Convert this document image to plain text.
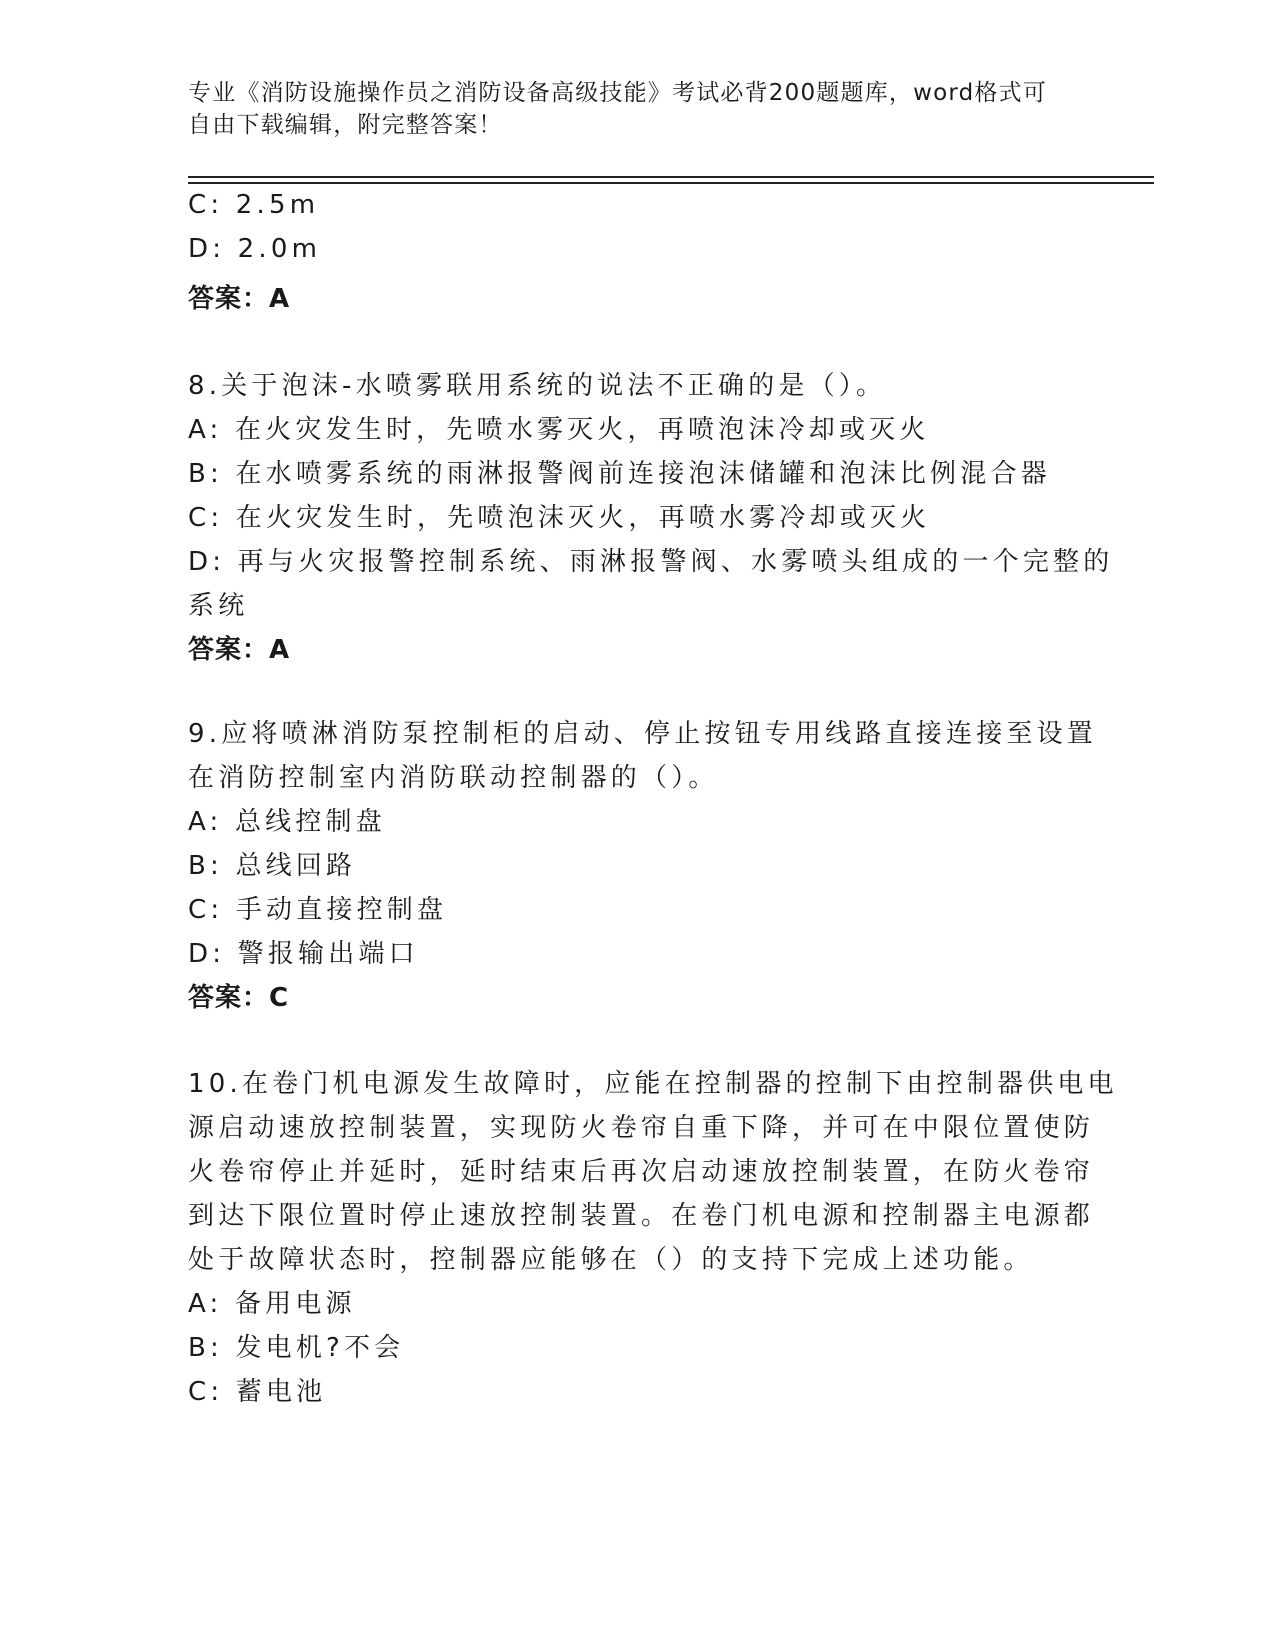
专业《消防设施操作员之消防设备高级技能》考试必背200题题库，word格式可
自由下载编辑，附完整答案！
C: 2.5m
D: 2.0m
答案：A
8.关于泡沫-水喷雾联用系统的说法不正确的是（）。
A: 在火灾发生时，先喷水雾灭火，再喷泡沫冷却或灭火
B: 在水喷雾系统的雨淋报警阀前连接泡沫储罐和泡沫比例混合器
C: 在火灾发生时，先喷泡沫灭火，再喷水雾冷却或灭火
D: 再与火灾报警控制系统、雨淋报警阀、水雾喷头组成的一个完整的
系统
答案：A
9.应将喷淋消防泵控制柜的启动、停止按钮专用线路直接连接至设置
在消防控制室内消防联动控制器的（）。
A: 总线控制盘
B: 总线回路
C: 手动直接控制盘
D: 警报输出端口
答案：C
10.在卷门机电源发生故障时，应能在控制器的控制下由控制器供电电
源启动速放控制装置，实现防火卷帘自重下降，并可在中限位置使防
火卷帘停止并延时，延时结束后再次启动速放控制装置，在防火卷帘
到达下限位置时停止速放控制装置。在卷门机电源和控制器主电源都
处于故障状态时，控制器应能够在（）的支持下完成上述功能。
A: 备用电源
B: 发电机?不会
C: 蓄电池
